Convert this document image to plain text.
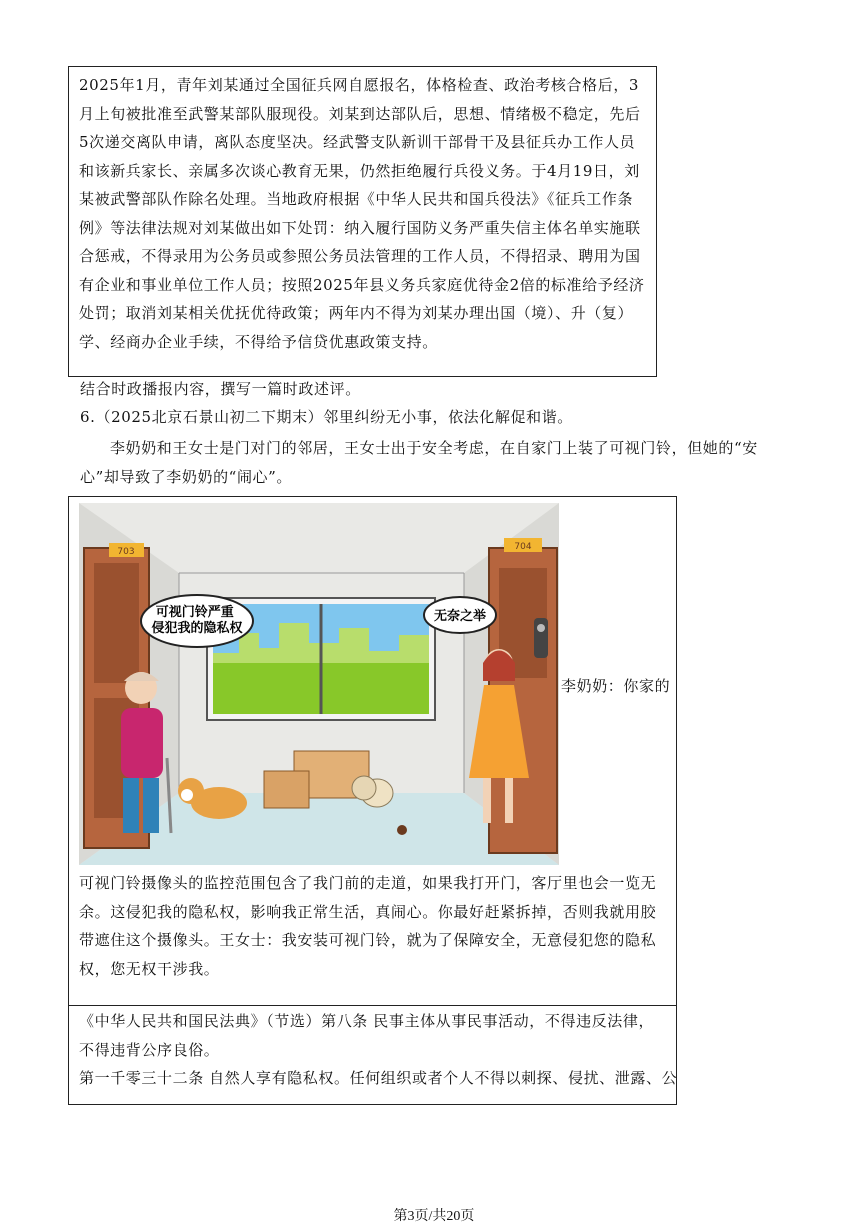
2025年1月，青年刘某通过全国征兵网自愿报名，体格检查、政治考核合格后，3月上旬被批准至武警某部队服现役。刘某到达部队后，思想、情绪极不稳定，先后5次递交离队申请，离队态度坚决。经武警支队新训干部骨干及县征兵办工作人员和该新兵家长、亲属多次谈心教育无果，仍然拒绝履行兵役义务。于4月19日，刘某被武警部队作除名处理。当地政府根据《中华人民共和国兵役法》《征兵工作条例》等法律法规对刘某做出如下处罚：纳入履行国防义务严重失信主体名单实施联合惩戒，不得录用为公务员或参照公务员法管理的工作人员，不得招录、聘用为国有企业和事业单位工作人员；按照2025年县义务兵家庭优待金2倍的标准给予经济处罚；取消刘某相关优抚优待政策；两年内不得为刘某办理出国（境）、升（复）学、经商办企业手续，不得给予信贷优惠政策支持。
结合时政播报内容，撰写一篇时政述评。
6.（2025北京石景山初二下期末）邻里纠纷无小事，依法化解促和谐。
李奶奶和王女士是门对门的邻居，王女士出于安全考虑，在自家门上装了可视门铃，但她的“安心”却导致了李奶奶的“闹心”。
703	704
可视门铃严重 侵犯我的隐私权
无奈之举
李奶奶：你家的
可视门铃摄像头的监控范围包含了我门前的走道，如果我打开门，客厅里也会一览无余。这侵犯我的隐私权，影响我正常生活，真闹心。你最好赶紧拆掉，否则我就用胶带遮住这个摄像头。王女士：我安装可视门铃，就为了保障安全，无意侵犯您的隐私权，您无权干涉我。
《中华人民共和国民法典》（节选）第八条 民事主体从事民事活动，不得违反法律，不得违背公序良俗。
第一千零三十二条 自然人享有隐私权。任何组织或者个人不得以刺探、侵扰、泄露、公
第3页/共20页
